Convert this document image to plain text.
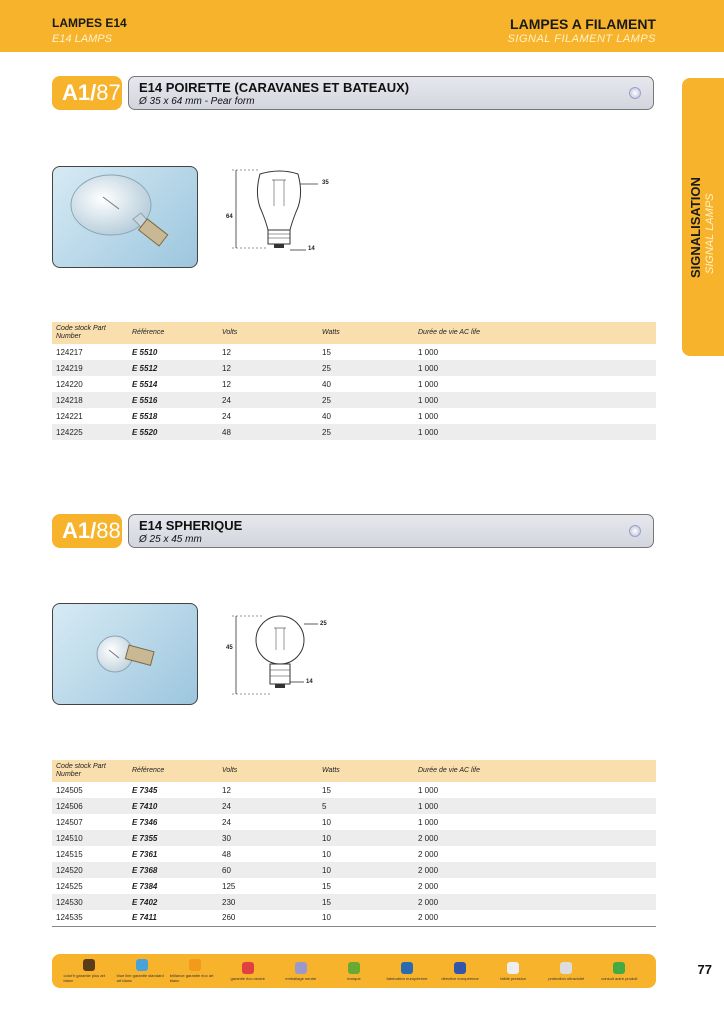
LAMPES E14
E14 LAMPS
LAMPES A FILAMENT
SIGNAL FILAMENT LAMPS
SIGNALISATION SIGNAL LAMPS
A1/87 E14 POIRETTE (CARAVANES ET BATEAUX)
Ø 35 x 64 mm - Pear form
35
64
14
Code stock Part Number	Référence	Volts	Watts	Durée de vie AC life
124217	E 5510	12	15	1 000
124219	E 5512	12	25	1 000
124220	E 5514	12	40	1 000
124218	E 5516	24	25	1 000
124221	E 5518	24	40	1 000
124225	E 5520	48	25	1 000
A1/88 E14 SPHERIQUE
Ø 25 x 45 mm
25
45
14
Code stock Part Number	Référence	Volts	Watts	Durée de vie AC life
124505	E 7345	12	15	1 000
124506	E 7410	24	5	1 000
124507	E 7346	24	10	1 000
124510	E 7355	30	10	2 000
124515	E 7361	48	10	2 000
124520	E 7368	60	10	2 000
124525	E 7384	125	15	2 000
124530	E 7402	230	15	2 000
124535	E 7411	260	10	2 000
color'ir garantie plus art blanc
blue line garantie standard art blanc
brillance garantie éco art blanc	garantie éco neutre	emballage neutre	marque	fabrication européenne	directive européenne	faible pression	protection ultraviolet	consult autre produit
77
